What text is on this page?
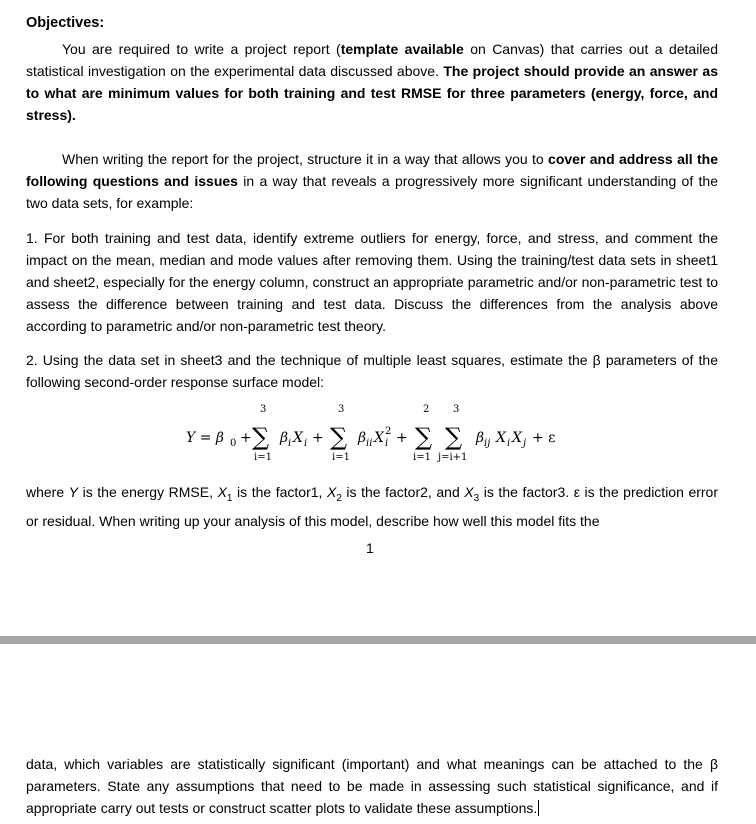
Objectives:

You are required to write a project report (template available on Canvas) that carries out a detailed statistical investigation on the experimental data discussed above. The project should provide an answer as to what are minimum values for both training and test RMSE for three parameters (energy, force, and stress).

When writing the report for the project, structure it in a way that allows you to cover and address all the following questions and issues in a way that reveals a progressively more significant understanding of the two data sets, for example:

1. For both training and test data, identify extreme outliers for energy, force, and stress, and comment the impact on the mean, median and mode values after removing them. Using the training/test data sets in sheet1 and sheet2, especially for the energy column, construct an appropriate parametric and/or non-parametric test to assess the difference between training and test data. Discuss the differences from the analysis above according to parametric and/or non-parametric test theory.

2. Using the data set in sheet3 and the technique of multiple least squares, estimate the β parameters of the following second-order response surface model:

Y = β 0 +
3
∑
i=1
β i X i +
3
∑
i=1
β ii X 2
i +
2
∑
i=1
3
∑
j=i+1
β ij X i X j + ε

where Y is the energy RMSE, $X_1$ is the factor1, $X_2$ is the factor2, and $X_3$ is the factor3. ε is the prediction error or residual. When writing up your analysis of this model, describe how well this model fits the

1

data, which variables are statistically significant (important) and what meanings can be attached to the β parameters. State any assumptions that need to be made in assessing such statistical significance, and if appropriate carry out tests or construct scatter plots to validate these assumptions.
